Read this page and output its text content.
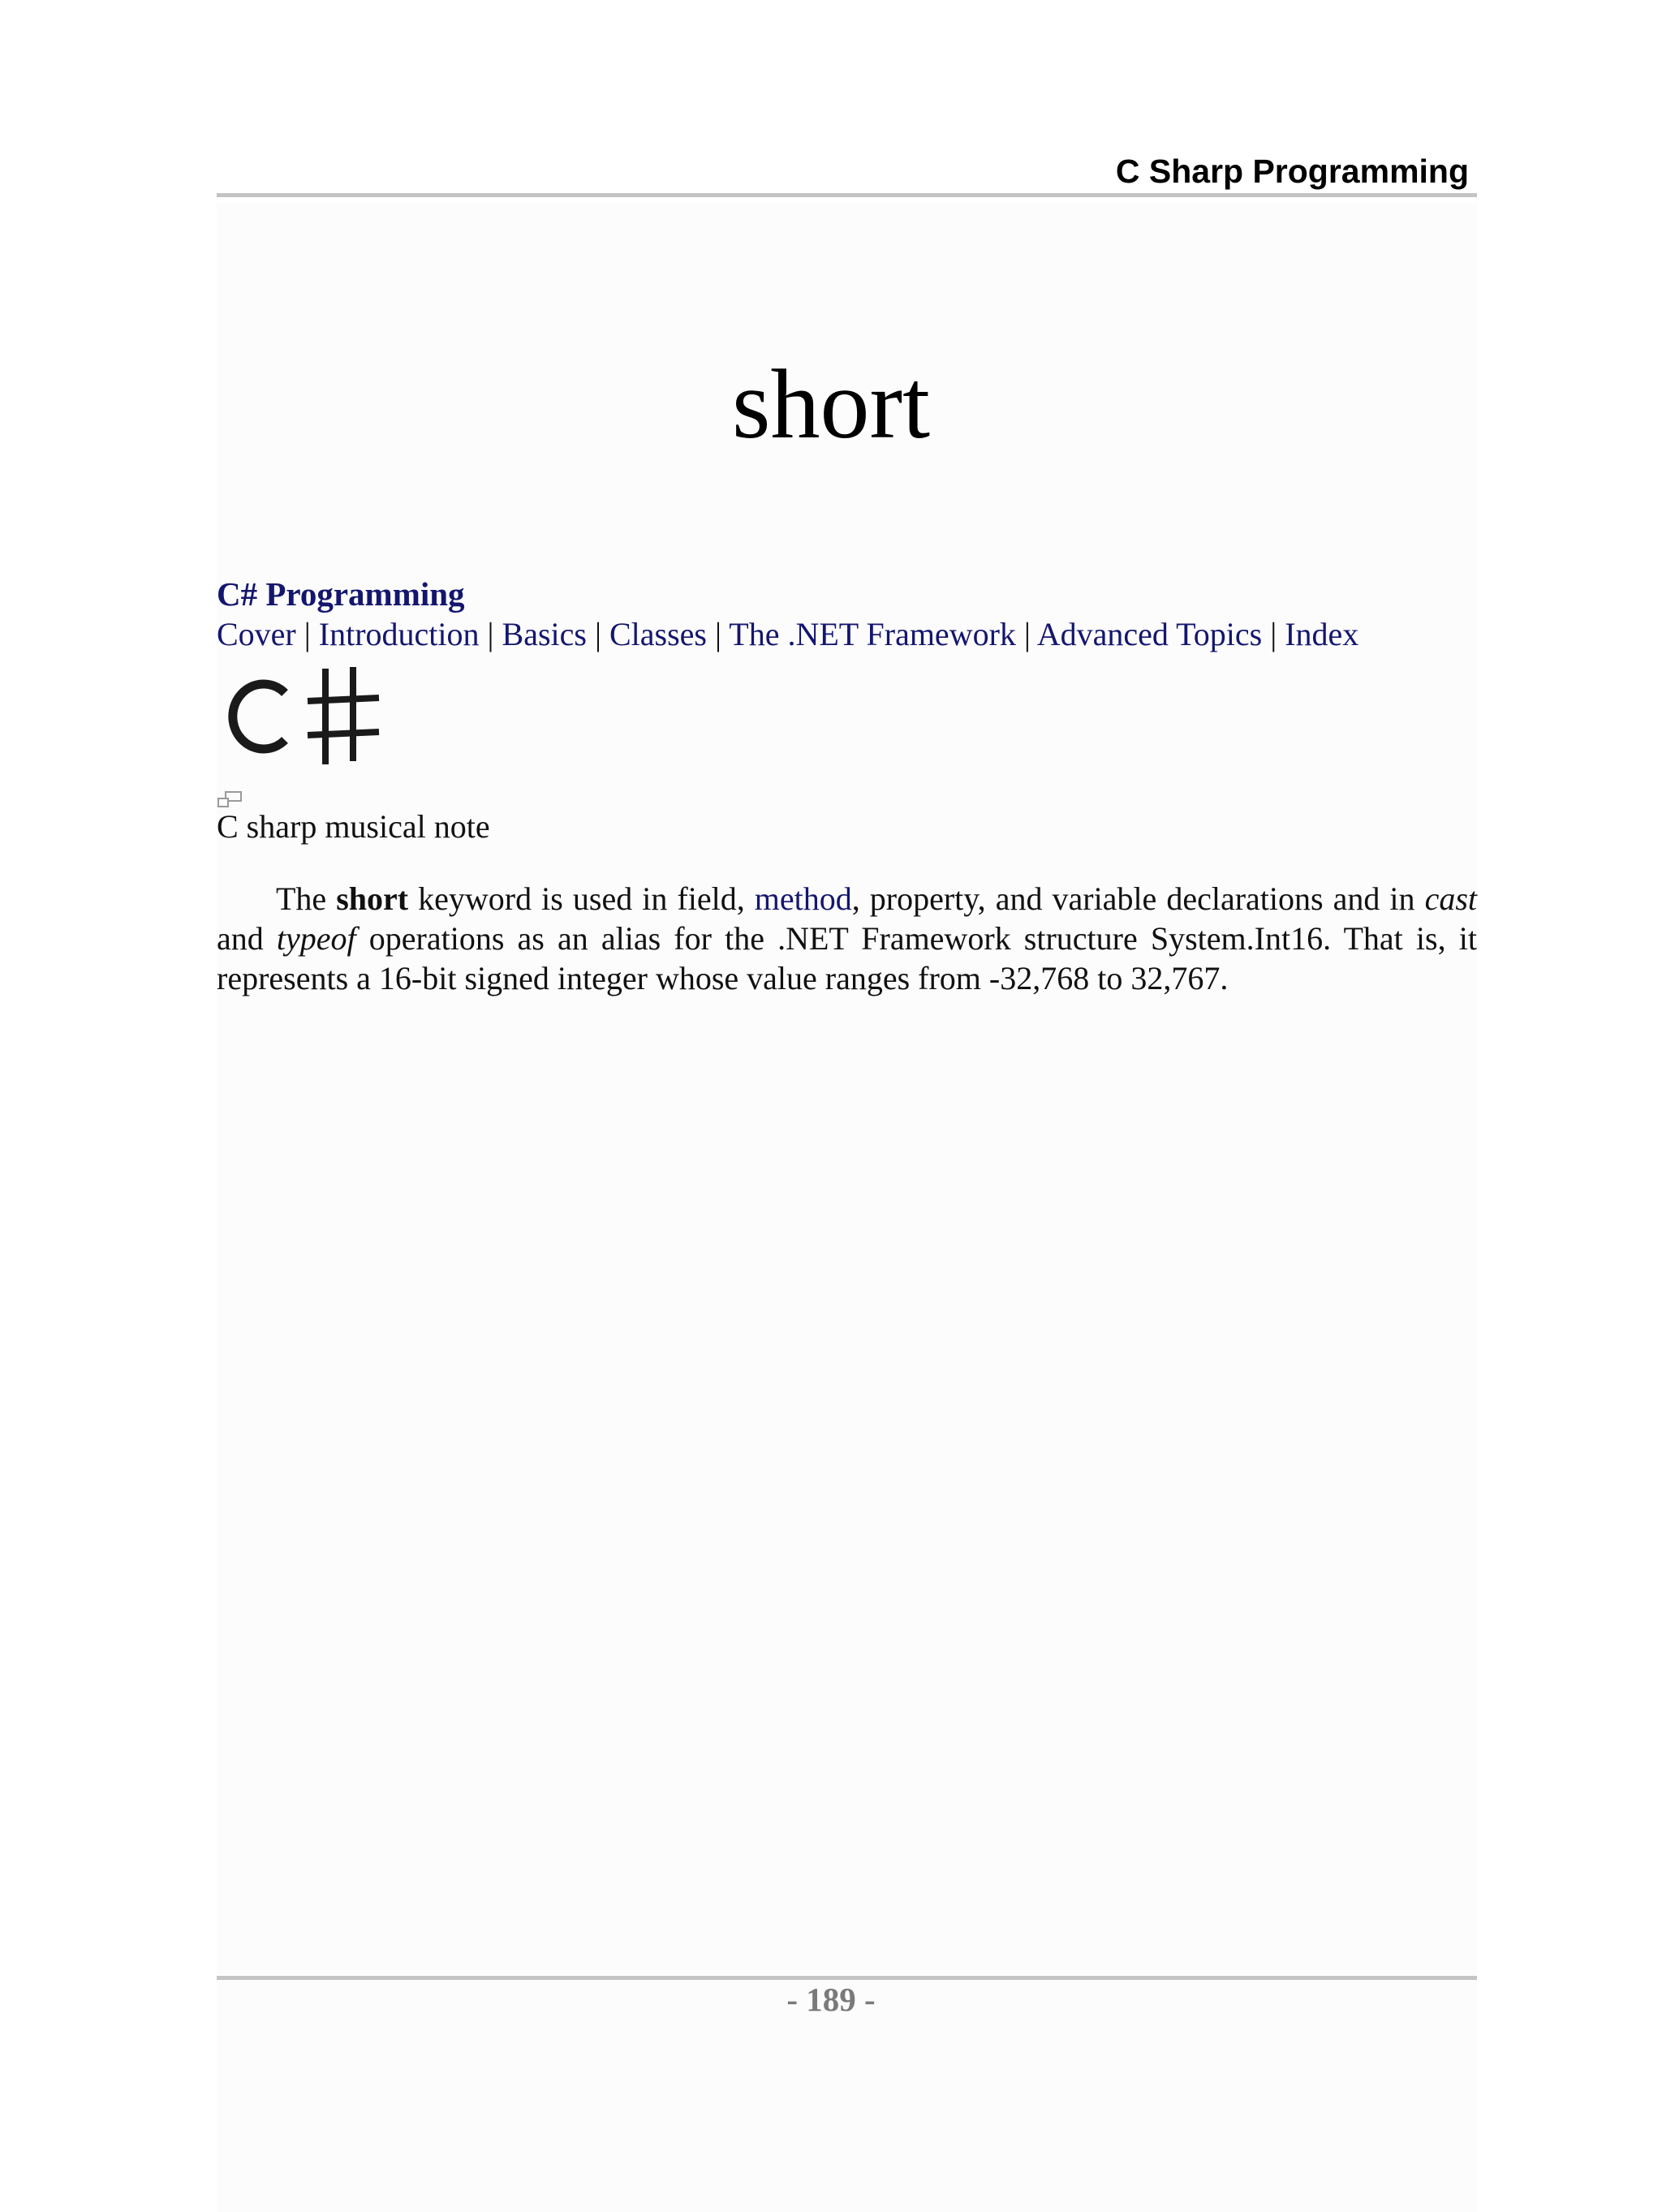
C Sharp Programming
short
C# Programming
Cover | Introduction | Basics | Classes | The .NET Framework | Advanced Topics | Index
C sharp musical note

The short keyword is used in field, method, property, and variable declarations and in cast and typeof operations as an alias for the .NET Framework structure System.Int16. That is, it represents a 16-bit signed integer whose value ranges from -32,768 to 32,767.

- 189 -
